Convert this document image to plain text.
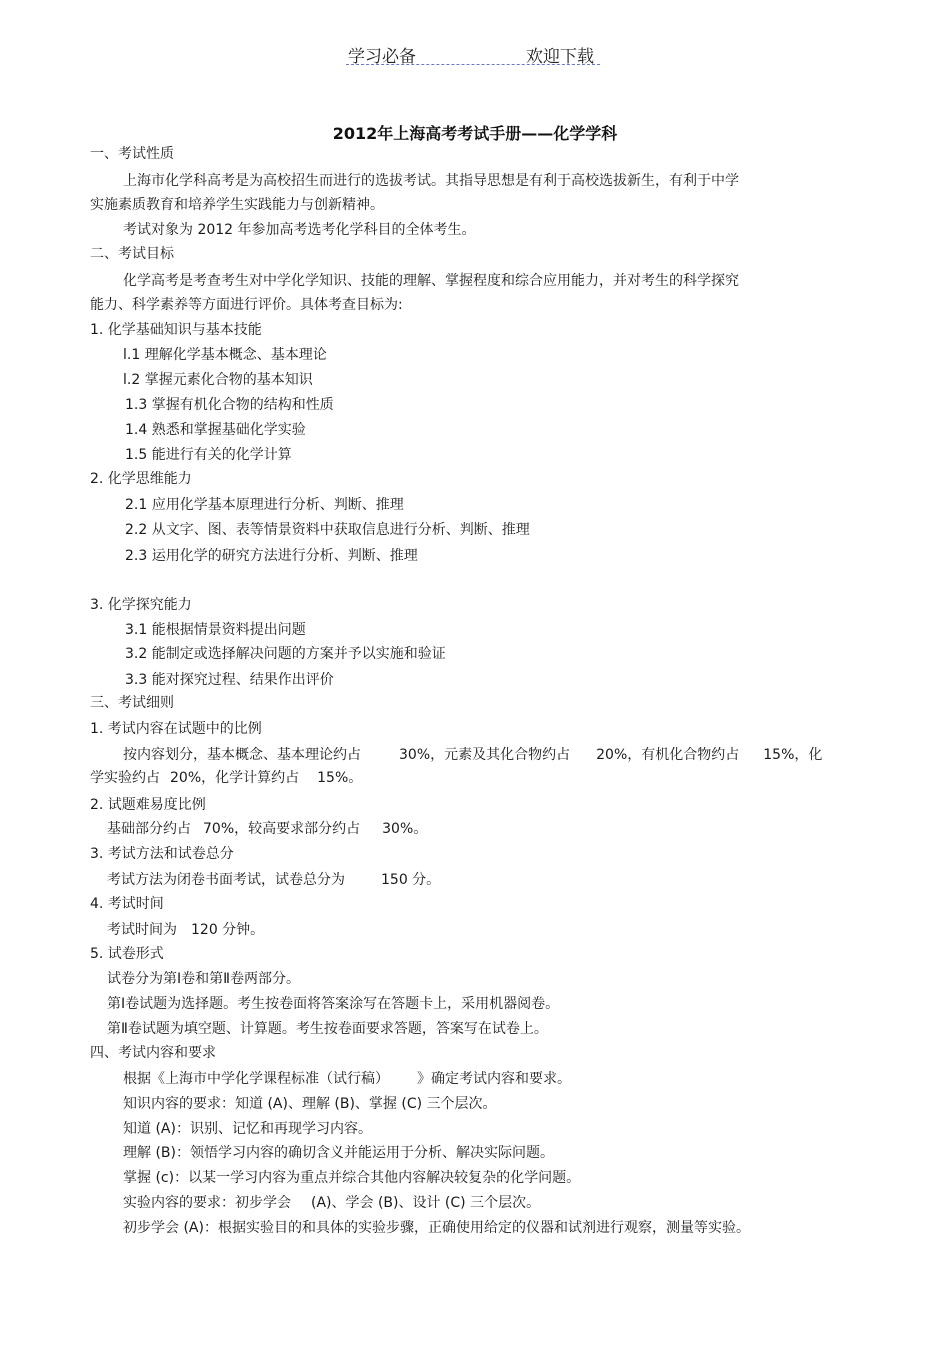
学习必备	欢迎下载
2012年上海高考考试手册——化学学科
一、考试性质
上海市化学科高考是为高校招生而进行的选拔考试。其指导思想是有利于高校选拔新生，有利于中学
实施素质教育和培养学生实践能力与创新精神。
考试对象为 2012 年参加高考选考化学科目的全体考生。
二、考试目标
化学高考是考查考生对中学化学知识、技能的理解、掌握程度和综合应用能力，并对考生的科学探究
能力、科学素养等方面进行评价。具体考查目标为:
1. 化学基础知识与基本技能
l.1 理解化学基本概念、基本理论
l.2 掌握元素化合物的基本知识
1.3 掌握有机化合物的结构和性质
1.4 熟悉和掌握基础化学实验
1.5 能进行有关的化学计算
2. 化学思维能力
2.1 应用化学基本原理进行分析、判断、推理
2.2 从文字、图、表等情景资料中获取信息进行分析、判断、推理
2.3 运用化学的研究方法进行分析、判断、推理
3. 化学探究能力
3.1 能根据情景资料提出问题
3.2 能制定或选择解决问题的方案并予以实施和验证
3.3 能对探究过程、结果作出评价
三、考试细则
1. 考试内容在试题中的比例
按内容划分，基本概念、基本理论约占	30%，元素及其化合物约占 20%，有机化合物约占 15%，化
学实验约占 20%，化学计算约占 15%。
2. 试题难易度比例
基础部分约占 70%，较高要求部分约占 30%。
3. 考试方法和试卷总分
考试方法为闭卷书面考试，试卷总分为	150 分。
4. 考试时间
考试时间为 120 分钟。
5. 试卷形式
试卷分为第Ⅰ卷和第Ⅱ卷两部分。
第Ⅰ卷试题为选择题。考生按卷面将答案涂写在答题卡上，采用机器阅卷。
第Ⅱ卷试题为填空题、计算题。考生按卷面要求答题，答案写在试卷上。
四、考试内容和要求
根据《上海市中学化学课程标准（试行稿） 》确定考试内容和要求。
知识内容的要求：知道 (A)、理解 (B)、掌握 (C) 三个层次。
知道 (A)：识别、记忆和再现学习内容。
理解 (B)：领悟学习内容的确切含义并能运用于分析、解决实际问题。
掌握 (c)：以某一学习内容为重点并综合其他内容解决较复杂的化学问题。
实验内容的要求：初步学会 (A)、学会 (B)、设计 (C) 三个层次。
初步学会 (A)：根据实验目的和具体的实验步骤，正确使用给定的仪器和试剂进行观察，测量等实验。
